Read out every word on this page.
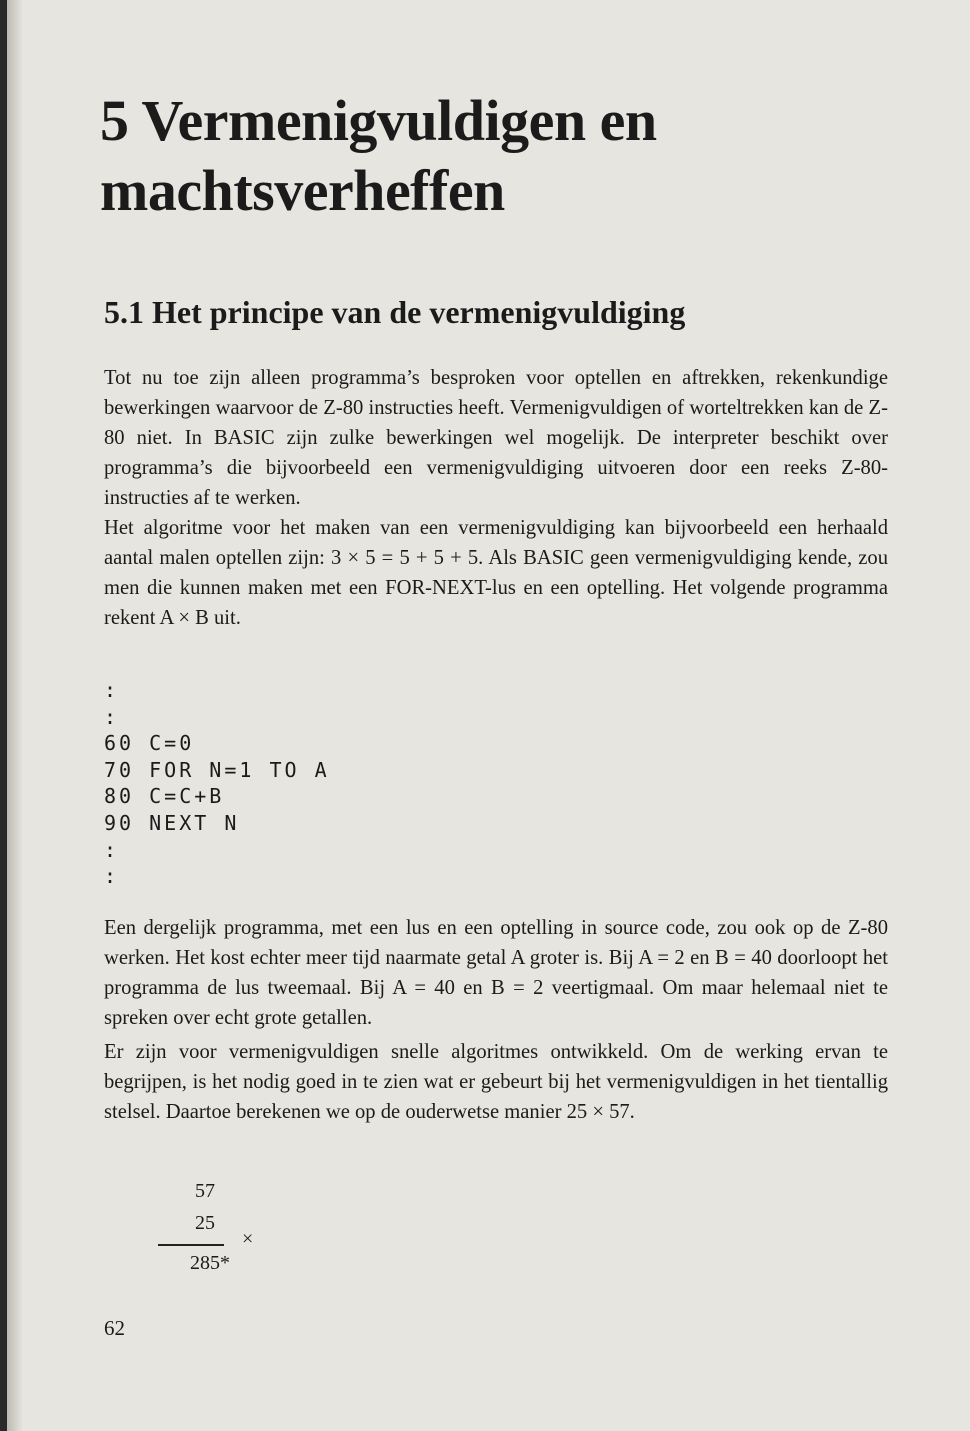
5 Vermenigvuldigen en machtsverheffen
5.1 Het principe van de vermenigvuldiging

Tot nu toe zijn alleen programma’s besproken voor optellen en aftrekken, rekenkundige bewerkingen waarvoor de Z-80 instructies heeft. Vermenigvuldigen of worteltrekken kan de Z-80 niet. In BASIC zijn zulke bewerkingen wel mogelijk. De interpreter beschikt over programma’s die bijvoorbeeld een vermenigvuldiging uitvoeren door een reeks Z-80-instructies af te werken.

Het algoritme voor het maken van een vermenigvuldiging kan bijvoorbeeld een herhaald aantal malen optellen zijn: 3 × 5 = 5 + 5 + 5. Als BASIC geen vermenigvuldiging kende, zou men die kunnen maken met een FOR-NEXT-lus en een optelling. Het volgende programma rekent A × B uit.

:
:
60 C=0
70 FOR N=1 TO A
80 C=C+B
90 NEXT N
:
:

Een dergelijk programma, met een lus en een optelling in source code, zou ook op de Z-80 werken. Het kost echter meer tijd naarmate getal A groter is. Bij A = 2 en B = 40 doorloopt het programma de lus tweemaal. Bij A = 40 en B = 2 veertigmaal. Om maar helemaal niet te spreken over echt grote getallen.

Er zijn voor vermenigvuldigen snelle algoritmes ontwikkeld. Om de werking ervan te begrijpen, is het nodig goed in te zien wat er gebeurt bij het vermenigvuldigen in het tientallig stelsel. Daartoe berekenen we op de ouderwetse manier 25 × 57.

57
25
×
285*
62
